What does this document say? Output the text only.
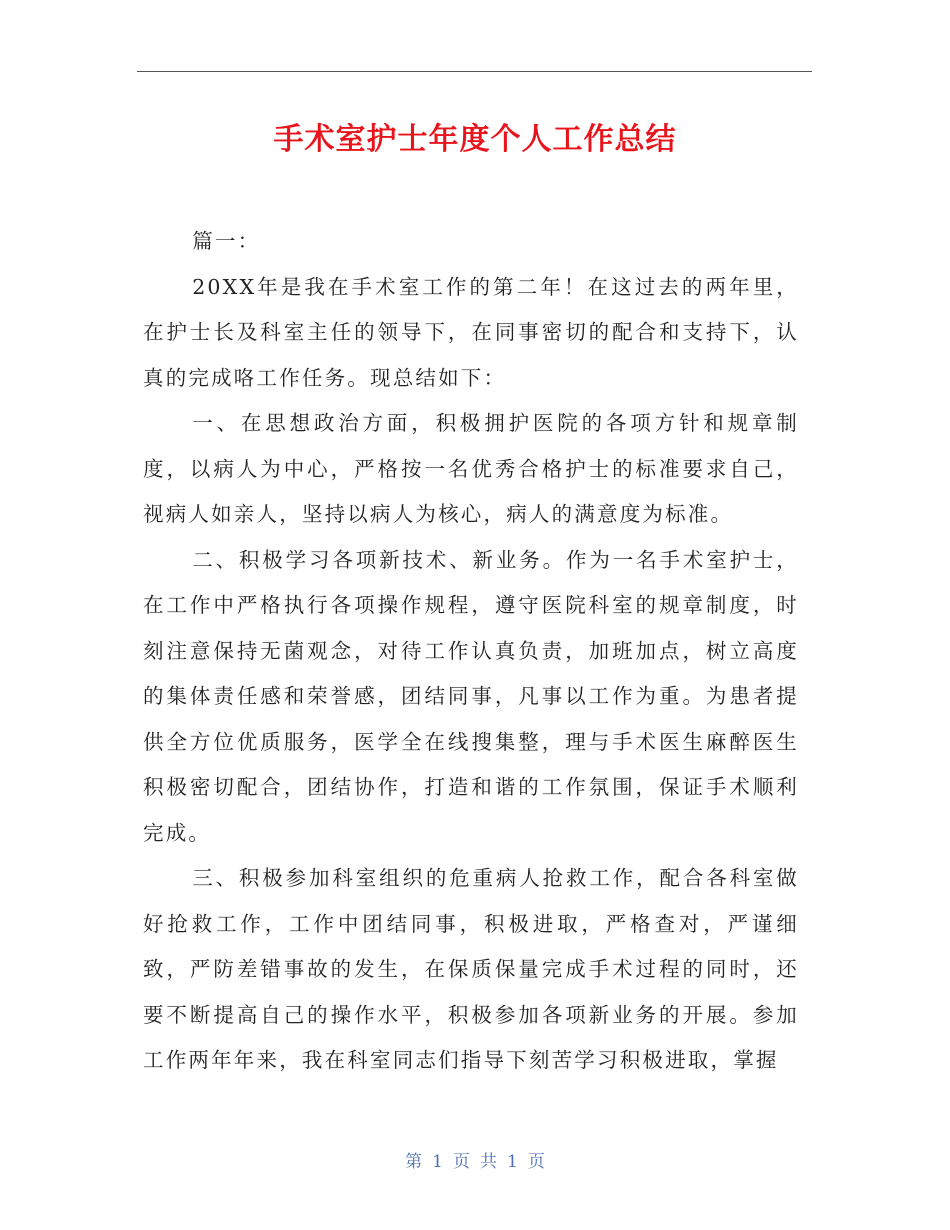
手术室护士年度个人工作总结

篇一：

20XX年是我在手术室工作的第二年！在这过去的两年里，在护士长及科室主任的领导下，在同事密切的配合和支持下，认真的完成咯工作任务。现总结如下：

一、在思想政治方面，积极拥护医院的各项方针和规章制度，以病人为中心，严格按一名优秀合格护士的标准要求自己，视病人如亲人，坚持以病人为核心，病人的满意度为标准。

二、积极学习各项新技术、新业务。作为一名手术室护士，在工作中严格执行各项操作规程，遵守医院科室的规章制度，时刻注意保持无菌观念，对待工作认真负责，加班加点，树立高度的集体责任感和荣誉感，团结同事，凡事以工作为重。为患者提供全方位优质服务，医学全在线搜集整，理与手术医生麻醉医生积极密切配合，团结协作，打造和谐的工作氛围，保证手术顺利完成。

三、积极参加科室组织的危重病人抢救工作，配合各科室做好抢救工作，工作中团结同事，积极进取，严格查对，严谨细致，严防差错事故的发生，在保质保量完成手术过程的同时，还要不断提高自己的操作水平，积极参加各项新业务的开展。参加工作两年年来，我在科室同志们指导下刻苦学习积极进取，掌握

第 1 页 共 1 页
